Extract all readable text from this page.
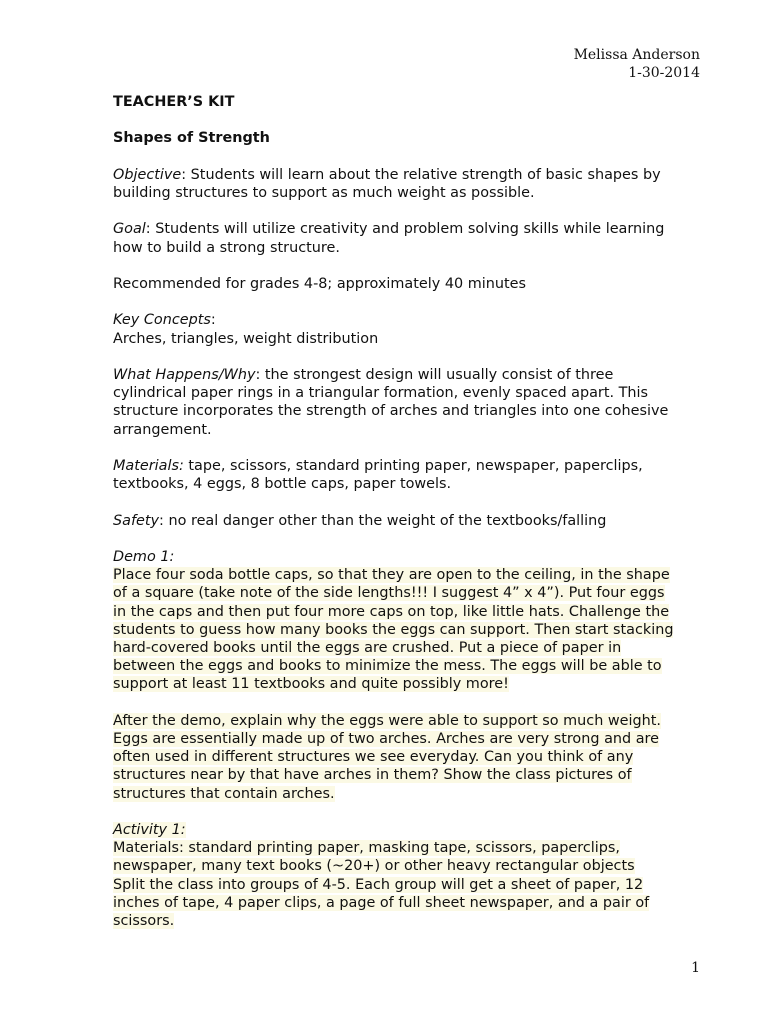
Melissa Anderson
1-30-2014

TEACHER’S KIT

Shapes of Strength

Objective: Students will learn about the relative strength of basic shapes by
building structures to support as much weight as possible.

Goal: Students will utilize creativity and problem solving skills while learning
how to build a strong structure.

Recommended for grades 4-8; approximately 40 minutes

Key Concepts:
Arches, triangles, weight distribution

What Happens/Why: the strongest design will usually consist of three
cylindrical paper rings in a triangular formation, evenly spaced apart. This
structure incorporates the strength of arches and triangles into one cohesive
arrangement.

Materials: tape, scissors, standard printing paper, newspaper, paperclips,
textbooks, 4 eggs, 8 bottle caps, paper towels.

Safety: no real danger other than the weight of the textbooks/falling

Demo 1:
Place four soda bottle caps, so that they are open to the ceiling, in the shape
of a square (take note of the side lengths!!! I suggest 4” x 4”). Put four eggs
in the caps and then put four more caps on top, like little hats. Challenge the
students to guess how many books the eggs can support. Then start stacking
hard-covered books until the eggs are crushed. Put a piece of paper in
between the eggs and books to minimize the mess. The eggs will be able to
support at least 11 textbooks and quite possibly more!

After the demo, explain why the eggs were able to support so much weight.
Eggs are essentially made up of two arches. Arches are very strong and are
often used in different structures we see everyday. Can you think of any
structures near by that have arches in them? Show the class pictures of
structures that contain arches.

Activity 1:
Materials: standard printing paper, masking tape, scissors, paperclips,
newspaper, many text books (~20+) or other heavy rectangular objects
Split the class into groups of 4-5. Each group will get a sheet of paper, 12
inches of tape, 4 paper clips, a page of full sheet newspaper, and a pair of
scissors.

1
